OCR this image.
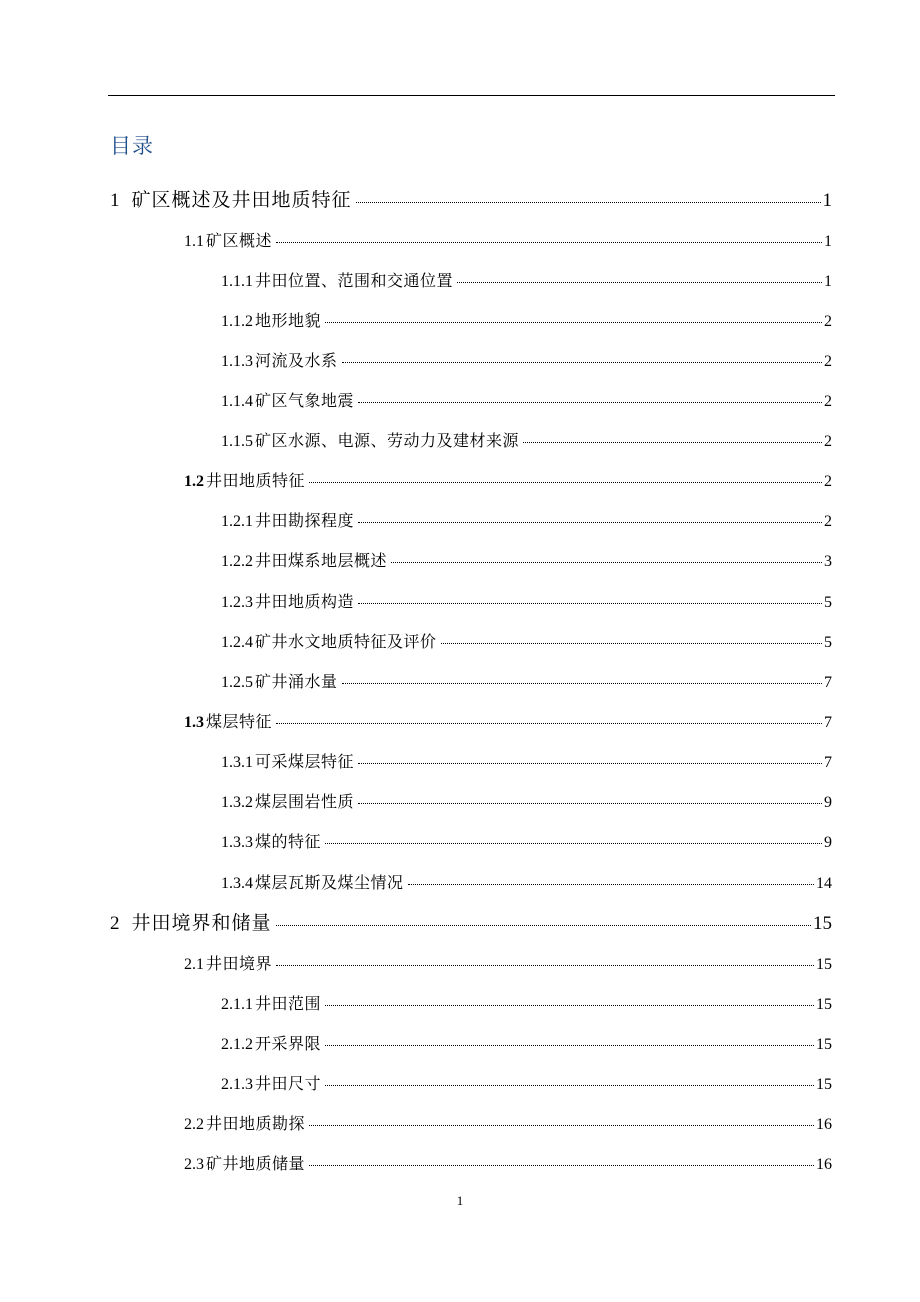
目录
1 矿区概述及井田地质特征	1
1.1 矿区概述	1
1.1.1 井田位置、范围和交通位置	1
1.1.2 地形地貌	2
1.1.3 河流及水系	2
1.1.4 矿区气象地震	2
1.1.5 矿区水源、电源、劳动力及建材来源	2
1.2 井田地质特征	2
1.2.1 井田勘探程度	2
1.2.2 井田煤系地层概述	3
1.2.3 井田地质构造	5
1.2.4 矿井水文地质特征及评价	5
1.2.5 矿井涌水量	7
1.3 煤层特征	7
1.3.1 可采煤层特征	7
1.3.2 煤层围岩性质	9
1.3.3 煤的特征	9
1.3.4 煤层瓦斯及煤尘情况	14
2 井田境界和储量	15
2.1 井田境界	15
2.1.1 井田范围	15
2.1.2 开采界限	15
2.1.3 井田尺寸	15
2.2 井田地质勘探	16
2.3 矿井地质储量	16
1
